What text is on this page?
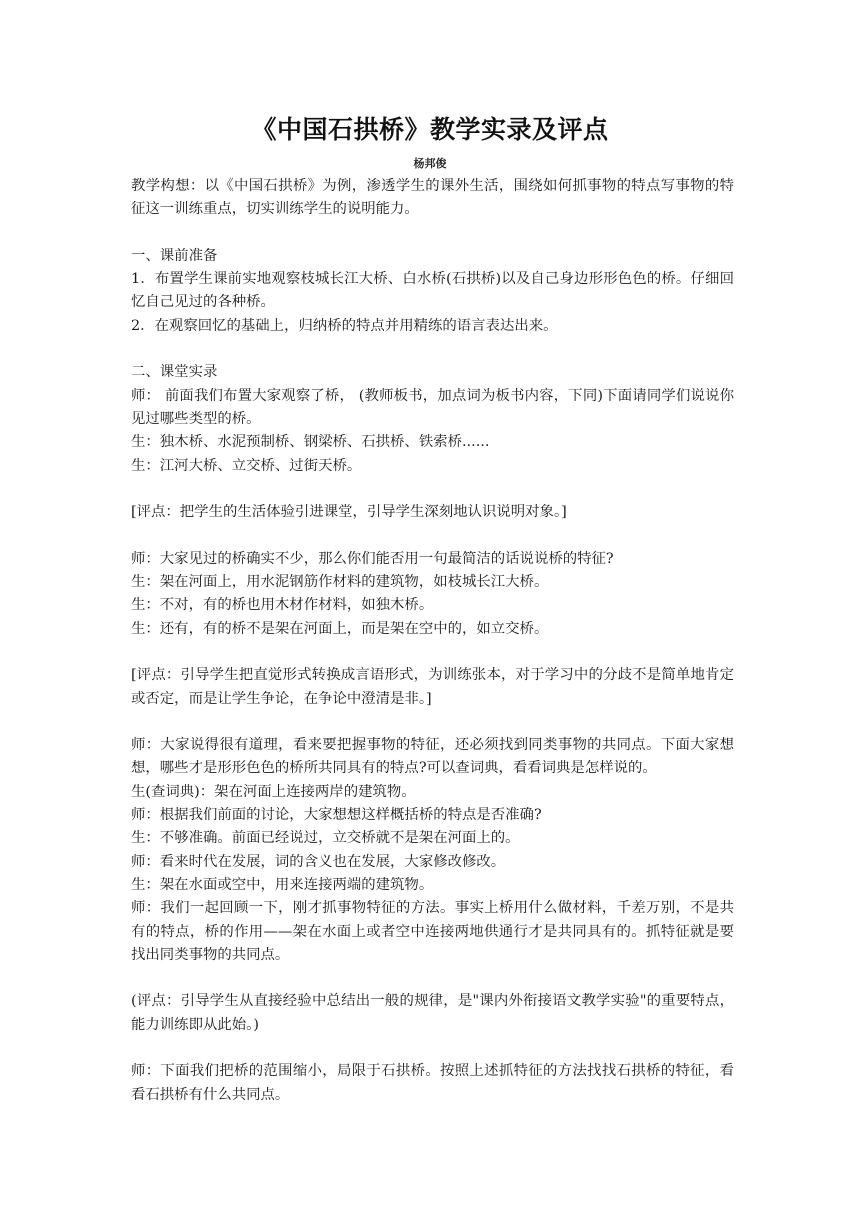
《中国石拱桥》教学实录及评点
杨邦俊

教学构想：以《中国石拱桥》为例，渗透学生的课外生活，围绕如何抓事物的特点写事物的特征这一训练重点，切实训练学生的说明能力。

一、课前准备

1．布置学生课前实地观察枝城长江大桥、白水桥(石拱桥)以及自己身边形形色色的桥。仔细回忆自己见过的各种桥。

2．在观察回忆的基础上，归纳桥的特点并用精练的语言表达出来。

二、课堂实录

师： 前面我们布置大家观察了桥， (教师板书，加点词为板书内容，下同)下面请同学们说说你见过哪些类型的桥。

生：独木桥、水泥预制桥、钢梁桥、石拱桥、铁索桥......

生：江河大桥、立交桥、过街天桥。

[评点：把学生的生活体验引进课堂，引导学生深刻地认识说明对象。]

师：大家见过的桥确实不少，那么你们能否用一句最简洁的话说说桥的特征?

生：架在河面上，用水泥钢筋作材料的建筑物，如枝城长江大桥。

生：不对，有的桥也用木材作材料，如独木桥。

生：还有，有的桥不是架在河面上，而是架在空中的，如立交桥。

[评点：引导学生把直觉形式转换成言语形式，为训练张本，对于学习中的分歧不是简单地肯定或否定，而是让学生争论，在争论中澄清是非。]

师：大家说得很有道理，看来要把握事物的特征，还必须找到同类事物的共同点。下面大家想想，哪些才是形形色色的桥所共同具有的特点?可以查词典，看看词典是怎样说的。

生(查词典)：架在河面上连接两岸的建筑物。

师：根据我们前面的讨论，大家想想这样概括桥的特点是否准确?

生：不够准确。前面已经说过，立交桥就不是架在河面上的。

师：看来时代在发展，词的含义也在发展，大家修改修改。

生：架在水面或空中，用来连接两端的建筑物。

师：我们一起回顾一下，刚才抓事物特征的方法。事实上桥用什么做材料，千差万别，不是共有的特点，桥的作用——架在水面上或者空中连接两地供通行才是共同具有的。抓特征就是要找出同类事物的共同点。

(评点：引导学生从直接经验中总结出一般的规律，是"课内外衔接语文教学实验"的重要特点，能力训练即从此始。)

师：下面我们把桥的范围缩小，局限于石拱桥。按照上述抓特征的方法找找石拱桥的特征，看看石拱桥有什么共同点。
